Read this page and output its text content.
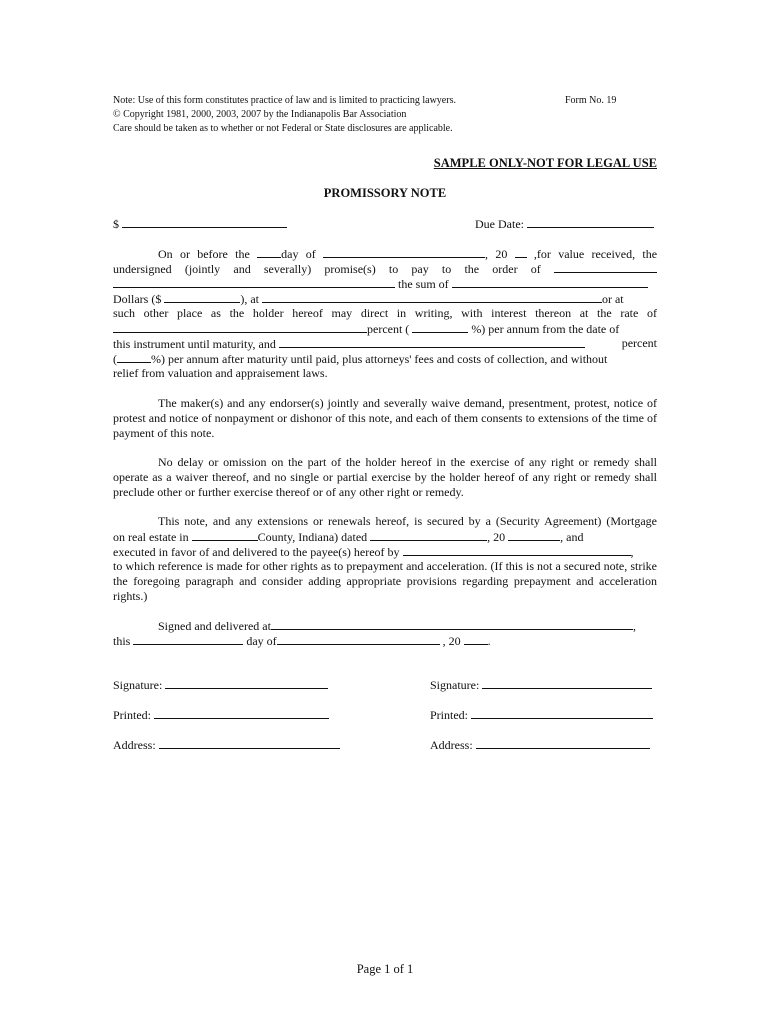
Note: Use of this form constitutes practice of law and is limited to practicing lawyers.
© Copyright 1981, 2000, 2003, 2007 by the Indianapolis Bar Association
Care should be taken as to whether or not Federal or State disclosures are applicable.
Form No. 19
SAMPLE ONLY-NOT FOR LEGAL USE
PROMISSORY NOTE
$	Due Date:
On or before the	day of	, 20 ,for value received, the
undersigned (jointly and severally) promise(s) to pay to the order of
the sum of
Dollars ($	), at	or at
such other place as the holder hereof may direct in writing, with interest thereon at the rate of
percent (	%) per annum from the date of
this instrument until maturity, and	percent
(	%) per annum after maturity until paid, plus attorneys' fees and costs of collection, and without
relief from valuation and appraisement laws.
The maker(s) and any endorser(s) jointly and severally waive demand, presentment, protest, notice of protest and notice of nonpayment or dishonor of this note, and each of them consents to extensions of the time of payment of this note.
No delay or omission on the part of the holder hereof in the exercise of any right or remedy shall operate as a waiver thereof, and no single or partial exercise by the holder hereof of any right or remedy shall preclude other or further exercise thereof or of any other right or remedy.
This note, and any extensions or renewals hereof, is secured by a (Security Agreement) (Mortgage
on real estate in	County, Indiana) dated	, 20	, and
executed in favor of and delivered to the payee(s) hereof by	,
to which reference is made for other rights as to prepayment and acceleration. (If this is not a secured note, strike the foregoing paragraph and consider adding appropriate provisions regarding prepayment and acceleration rights.)
Signed and delivered at	,
this	day of	, 20 .
Signature:
Printed:
Address:
Signature:
Printed:
Address:
Page 1 of 1
